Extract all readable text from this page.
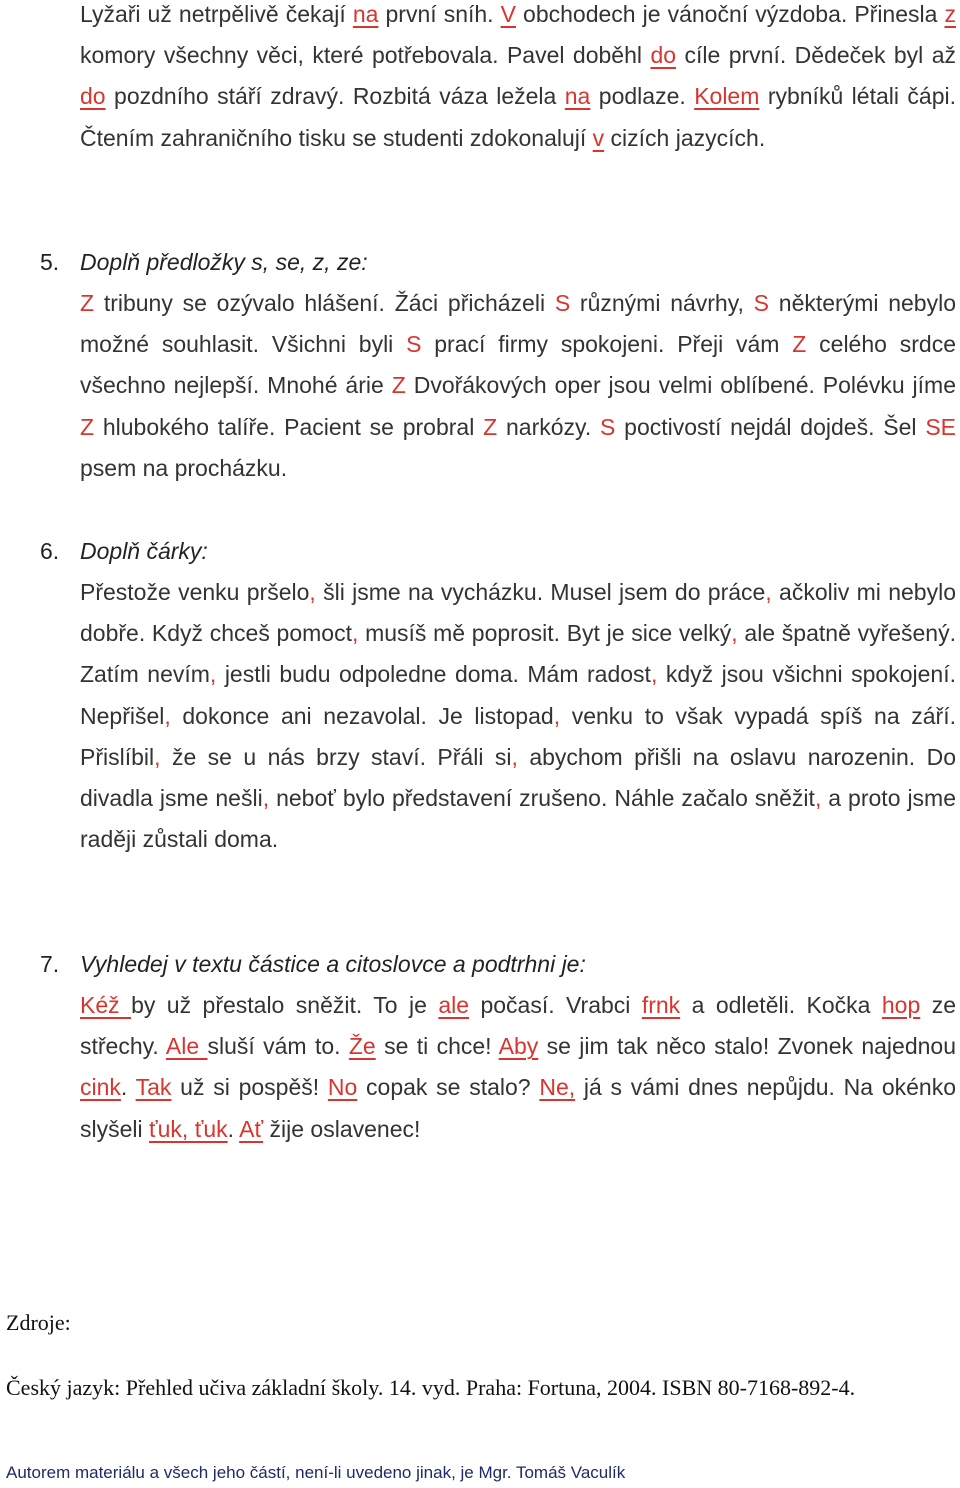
Lyžaři už netrpělivě čekají na první sníh. V obchodech je vánoční výzdoba. Přinesla z komory všechny věci, které potřebovala. Pavel doběhl do cíle první. Dědeček byl až do pozdního stáří zdravý. Rozbitá váza ležela na podlaze. Kolem rybníků létali čápi. Čtením zahraničního tisku se studenti zdokonalují v cizích jazycích.

5. Doplň předložky s, se, z, ze:

Z tribuny se ozývalo hlášení. Žáci přicházeli S různými návrhy, S některými nebylo možné souhlasit. Všichni byli S prací firmy spokojeni. Přeji vám Z celého srdce všechno nejlepší. Mnohé árie Z Dvořákových oper jsou velmi oblíbené. Polévku jíme Z hlubokého talíře. Pacient se probral Z narkózy. S poctivostí nejdál dojdeš. Šel SE psem na procházku.

6. Doplň čárky:

Přestože venku pršelo, šli jsme na vycházku. Musel jsem do práce, ačkoliv mi nebylo dobře. Když chceš pomoct, musíš mě poprosit. Byt je sice velký, ale špatně vyřešený. Zatím nevím, jestli budu odpoledne doma. Mám radost, když jsou všichni spokojení. Nepřišel, dokonce ani nezavolal. Je listopad, venku to však vypadá spíš na září. Přislíbil, že se u nás brzy staví. Přáli si, abychom přišli na oslavu narozenin. Do divadla jsme nešli, neboť bylo představení zrušeno. Náhle začalo sněžit, a proto jsme raději zůstali doma.

7. Vyhledej v textu částice a citoslovce a podtrhni je:

Kéž by už přestalo sněžit. To je ale počasí. Vrabci frnk a odletěli. Kočka hop ze střechy. Ale sluší vám to. Že se ti chce! Aby se jim tak něco stalo! Zvonek najednou cink. Tak už si pospěš! No copak se stalo? Ne, já s vámi dnes nepůjdu. Na okénko slyšeli ťuk, ťuk. Ať žije oslavenec!

Zdroje:
Český jazyk: Přehled učiva základní školy. 14. vyd. Praha: Fortuna, 2004. ISBN 80-7168-892-4.
Autorem materiálu a všech jeho částí, není-li uvedeno jinak, je Mgr. Tomáš Vaculík
